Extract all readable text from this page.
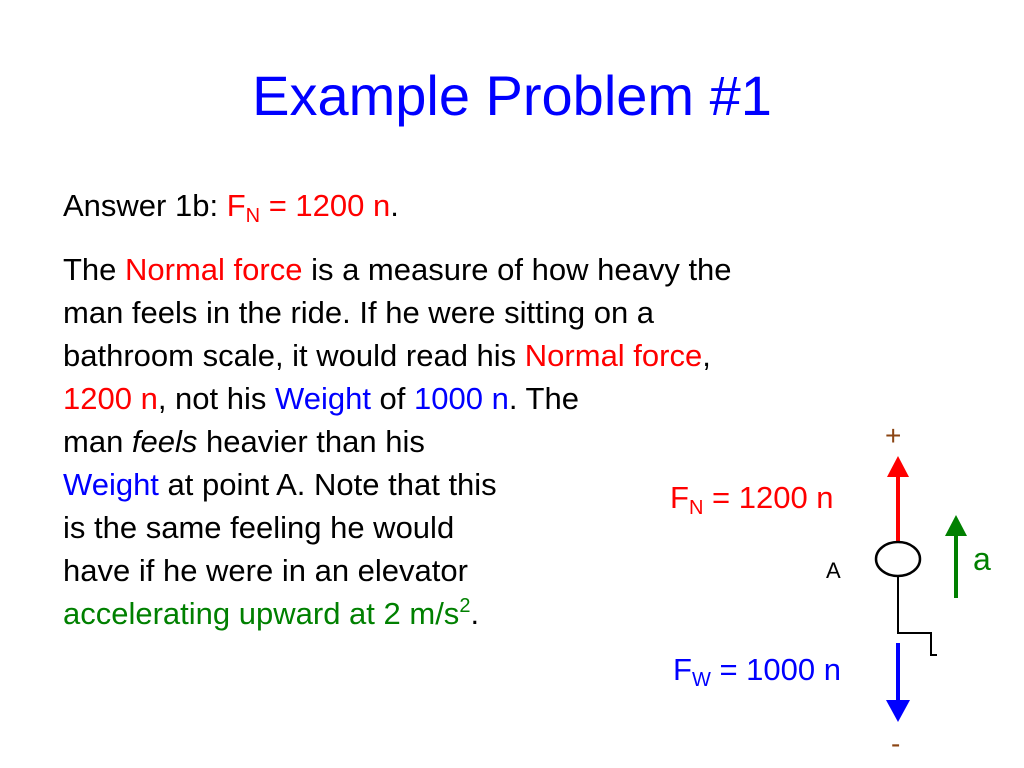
Example Problem #1
Answer 1b: $F_N = 1200$ n.
The Normal force is a measure of how heavy the
man feels in the ride. If he were sitting on a
bathroom scale, it would read his Normal force,
1200 n, not his Weight of 1000 n. The
man feels heavier than his
Weight at point A. Note that this
is the same feeling he would
have if he were in an elevator
accelerating upward at 2 $m/s^2$.
+
-
A	a
$F_N = 1200$ n
$F_W = 1000$ n
